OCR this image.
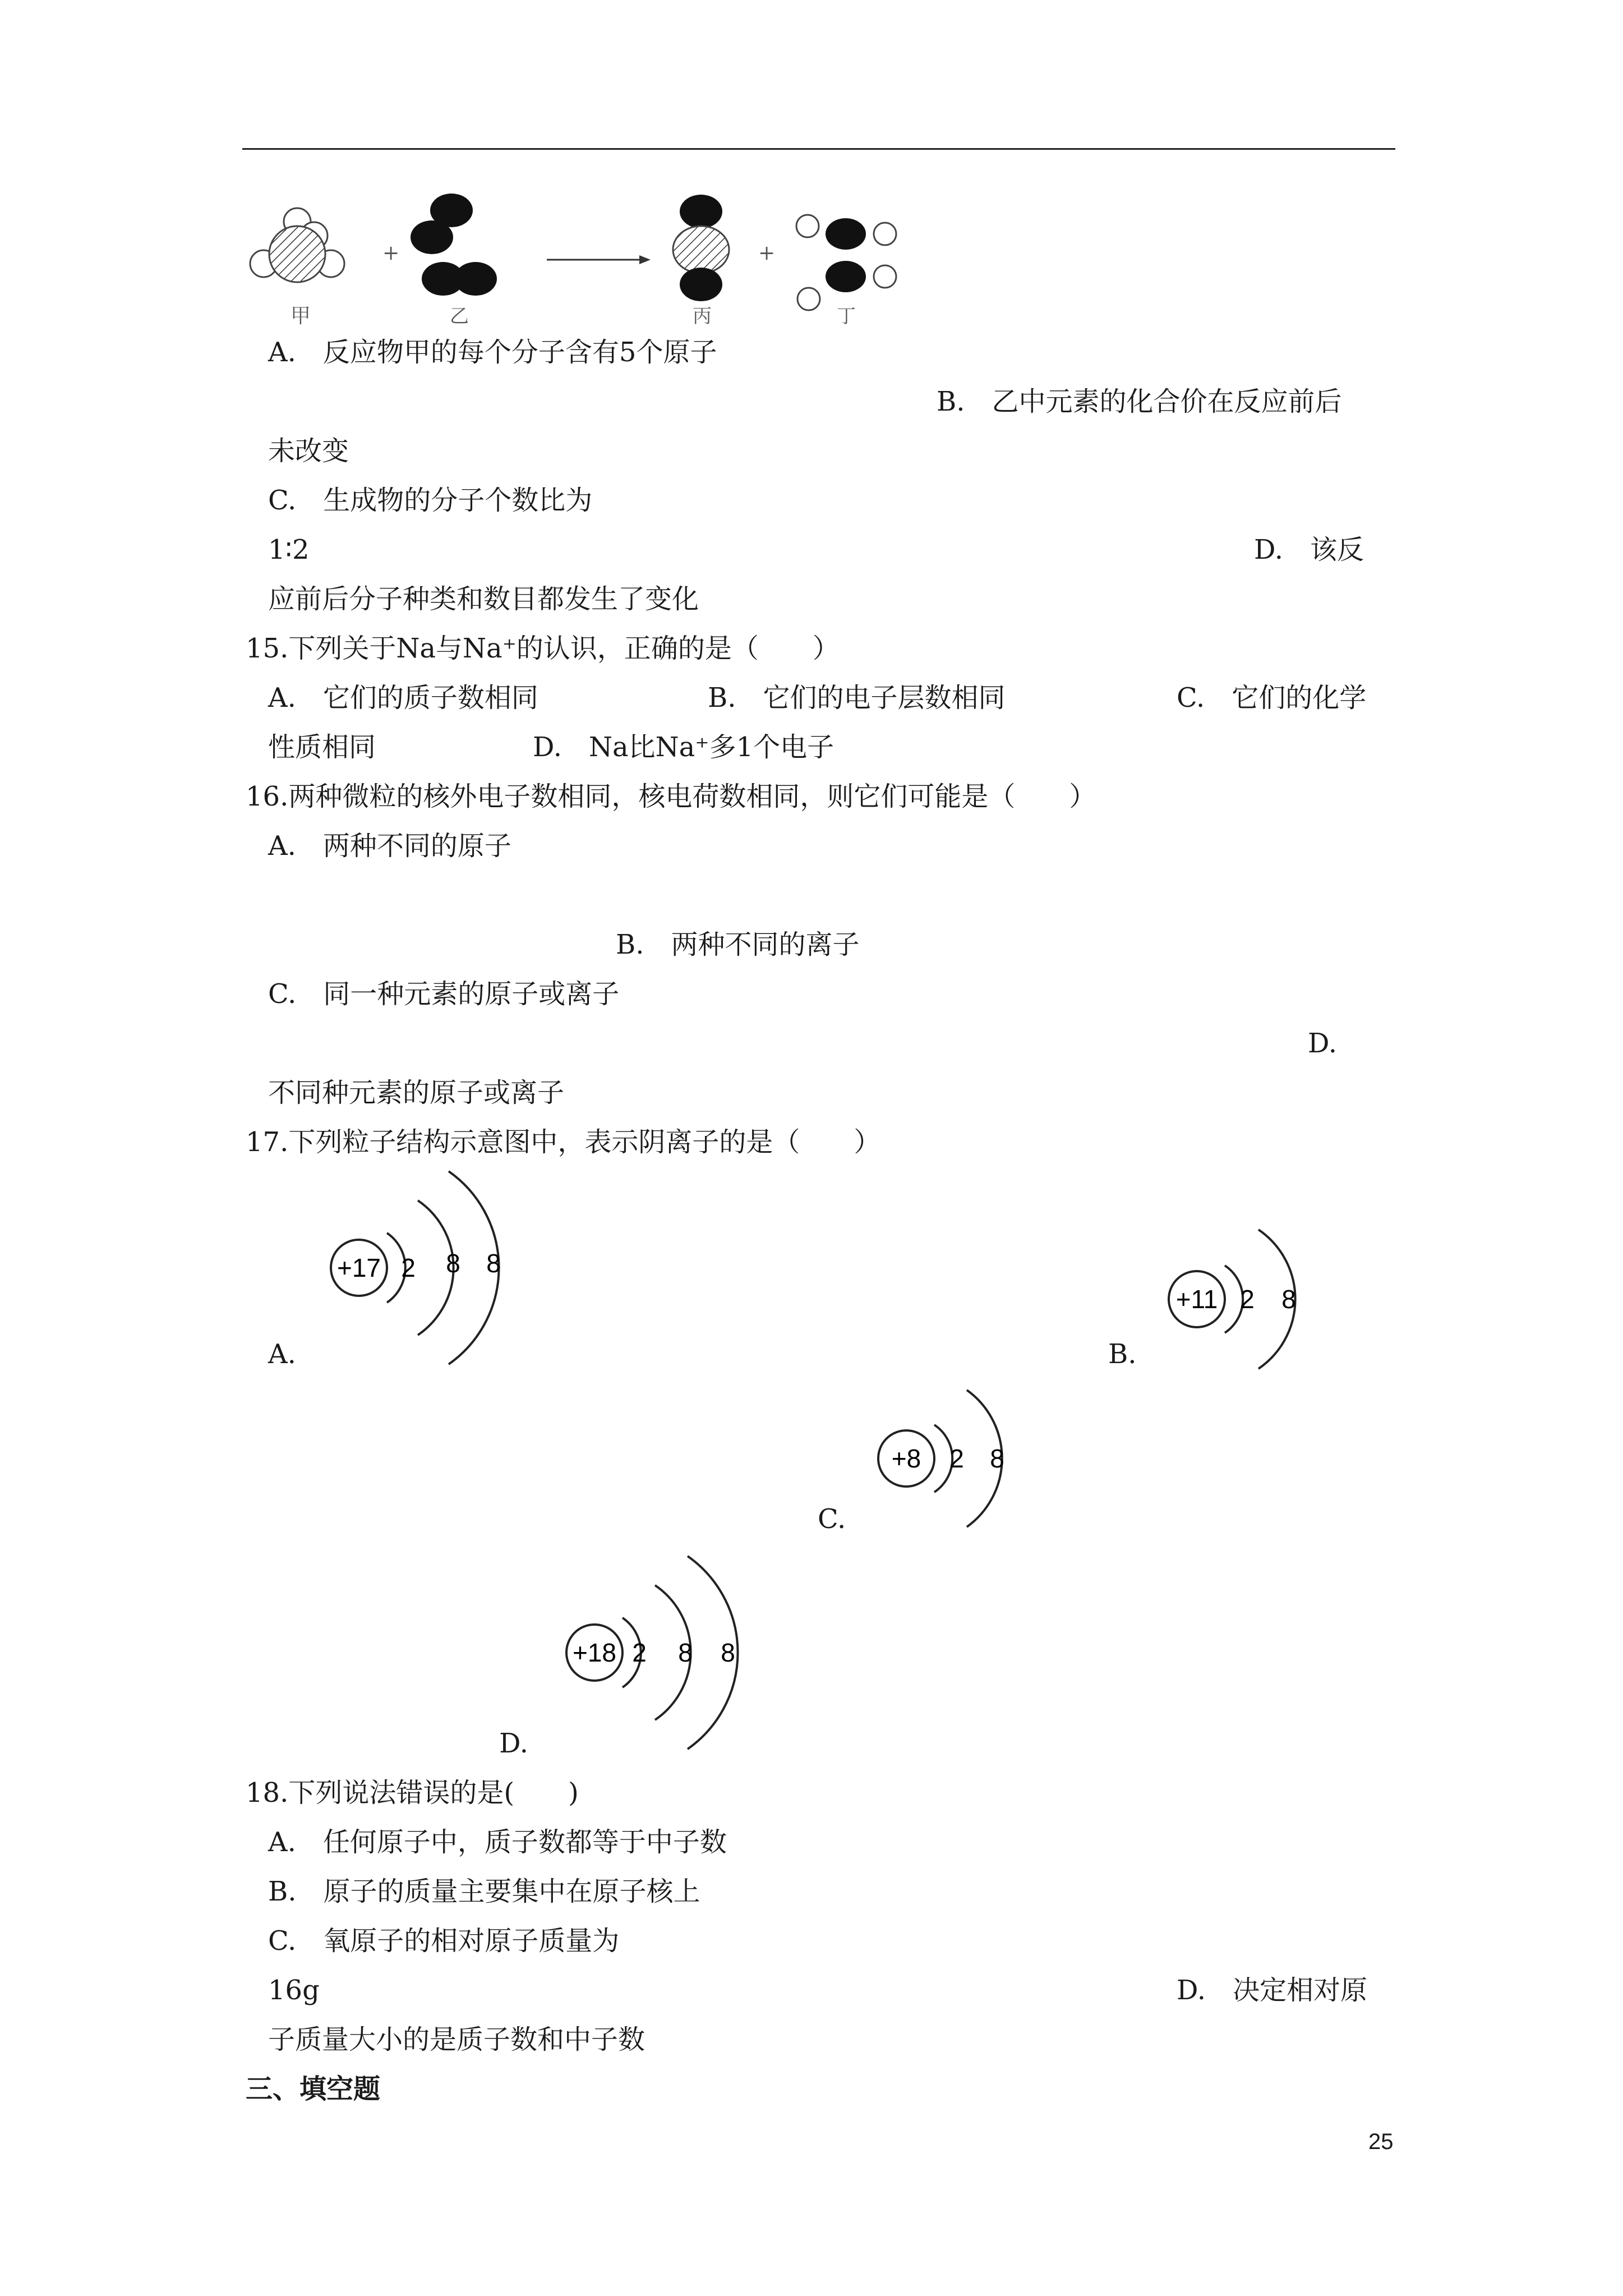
+	+
甲	乙	丙	丁
A.　反应物甲的每个分子含有5个原子
B.　乙中元素的化合价在反应前后
未改变
C.　生成物的分子个数比为
1∶2	D.　该反
应前后分子种类和数目都发生了变化
15.下列关于Na与Na⁺的认识，正确的是（　　）
A.　它们的质子数相同	B.　它们的电子层数相同	C.　它们的化学
性质相同	D.　Na比Na⁺多1个电子
16.两种微粒的核外电子数相同，核电荷数相同，则它们可能是（　　）
A.　两种不同的原子
B.　两种不同的离子
C.　同一种元素的原子或离子
D.
不同种元素的原子或离子
17.下列粒子结构示意图中，表示阴离子的是（　　）
+17 2 8 8
A.
+11 2 8
B.
+8 2 8
C.
+18 2 8 8
D.
18.下列说法错误的是(　　)
A.　任何原子中，质子数都等于中子数
B.　原子的质量主要集中在原子核上
C.　氧原子的相对原子质量为
16g	D.　决定相对原
子质量大小的是质子数和中子数
三、填空题
25
